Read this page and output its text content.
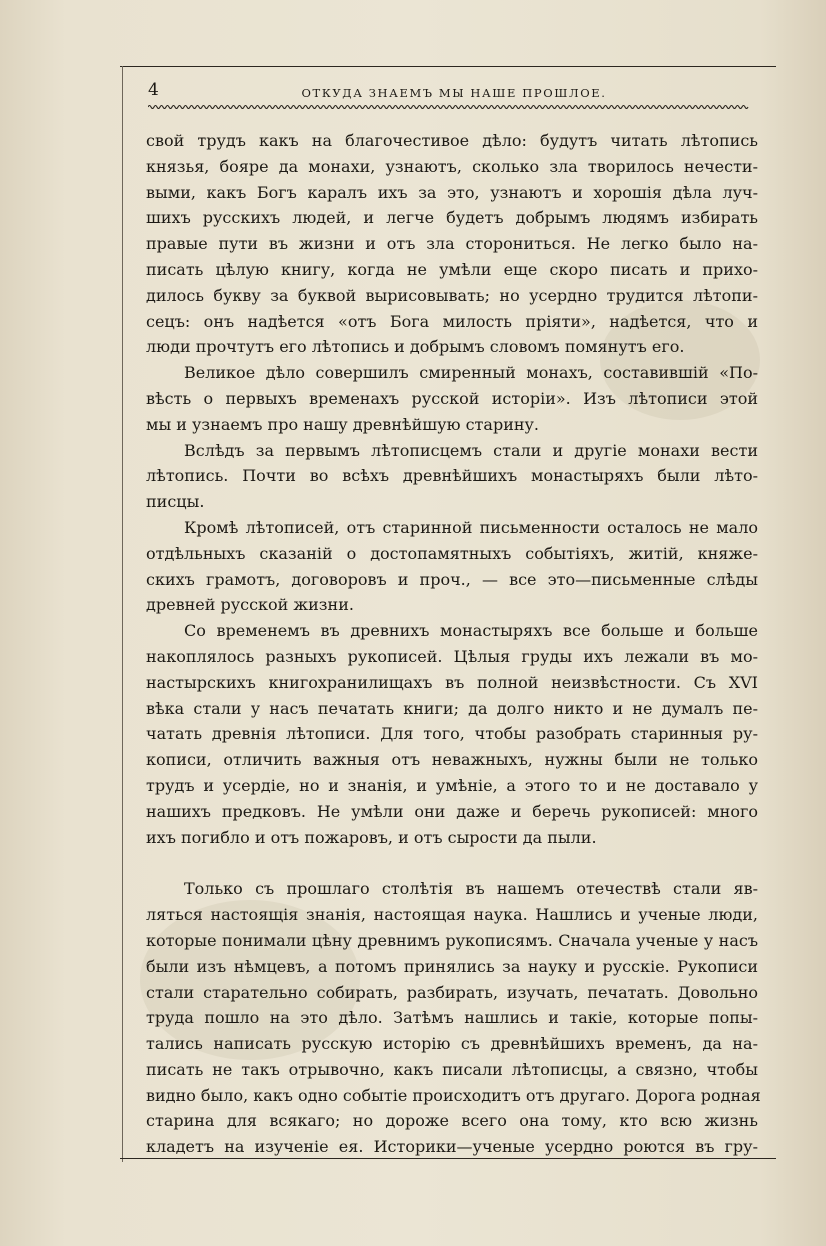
4	ОТКУДА ЗНАЕМЪ МЫ НАШЕ ПРОШЛОЕ.
свой трудъ какъ на благочестивое дѣло: будутъ читать лѣтопись
князья, бояре да монахи, узнаютъ, сколько зла творилось нечести-
выми, какъ Богъ каралъ ихъ за это, узнаютъ и хорошія дѣла луч-
шихъ русскихъ людей, и легче будетъ добрымъ людямъ избирать
правые пути въ жизни и отъ зла сторониться. Не легко было на-
писать цѣлую книгу, когда не умѣли еще скоро писать и прихо-
дилось букву за буквой вырисовывать; но усердно трудится лѣтопи-
сецъ: онъ надѣется «отъ Бога милость пріяти», надѣется, что и
люди прочтутъ его лѣтопись и добрымъ словомъ помянутъ его.
Великое дѣло совершилъ смиренный монахъ, составившій «По-
вѣсть о первыхъ временахъ русской исторіи». Изъ лѣтописи этой
мы и узнаемъ про нашу древнѣйшую старину.
Вслѣдъ за первымъ лѣтописцемъ стали и другіе монахи вести
лѣтопись. Почти во всѣхъ древнѣйшихъ монастыряхъ были лѣто-
писцы.
Кромѣ лѣтописей, отъ старинной письменности осталось не мало
отдѣльныхъ сказаній о достопамятныхъ событіяхъ, житій, княже-
скихъ грамотъ, договоровъ и проч., — все это—письменные слѣды
древней русской жизни.
Со временемъ въ древнихъ монастыряхъ все больше и больше
накоплялось разныхъ рукописей. Цѣлыя груды ихъ лежали въ мо-
настырскихъ книгохранилищахъ въ полной неизвѣстности. Съ XVI
вѣка стали у насъ печатать книги; да долго никто и не думалъ пе-
чатать древнія лѣтописи. Для того, чтобы разобрать старинныя ру-
кописи, отличить важныя отъ неважныхъ, нужны были не только
трудъ и усердіе, но и знанія, и умѣніе, а этого то и не доставало у
нашихъ предковъ. Не умѣли они даже и беречь рукописей: много
ихъ погибло и отъ пожаровъ, и отъ сырости да пыли.
Только съ прошлаго столѣтія въ нашемъ отечествѣ стали яв-
ляться настоящія знанія, настоящая наука. Нашлись и ученые люди,
которые понимали цѣну древнимъ рукописямъ. Сначала ученые у насъ
были изъ нѣмцевъ, а потомъ принялись за науку и русскіе. Рукописи
стали старательно собирать, разбирать, изучать, печатать. Довольно
труда пошло на это дѣло. Затѣмъ нашлись и такіе, которые попы-
тались написать русскую исторію съ древнѣйшихъ временъ, да на-
писать не такъ отрывочно, какъ писали лѣтописцы, а связно, чтобы
видно было, какъ одно событіе происходитъ отъ другаго. Дорога родная
старина для всякаго; но дороже всего она тому, кто всю жизнь
кладетъ на изученіе ея. Историки—ученые усердно роются въ гру-
